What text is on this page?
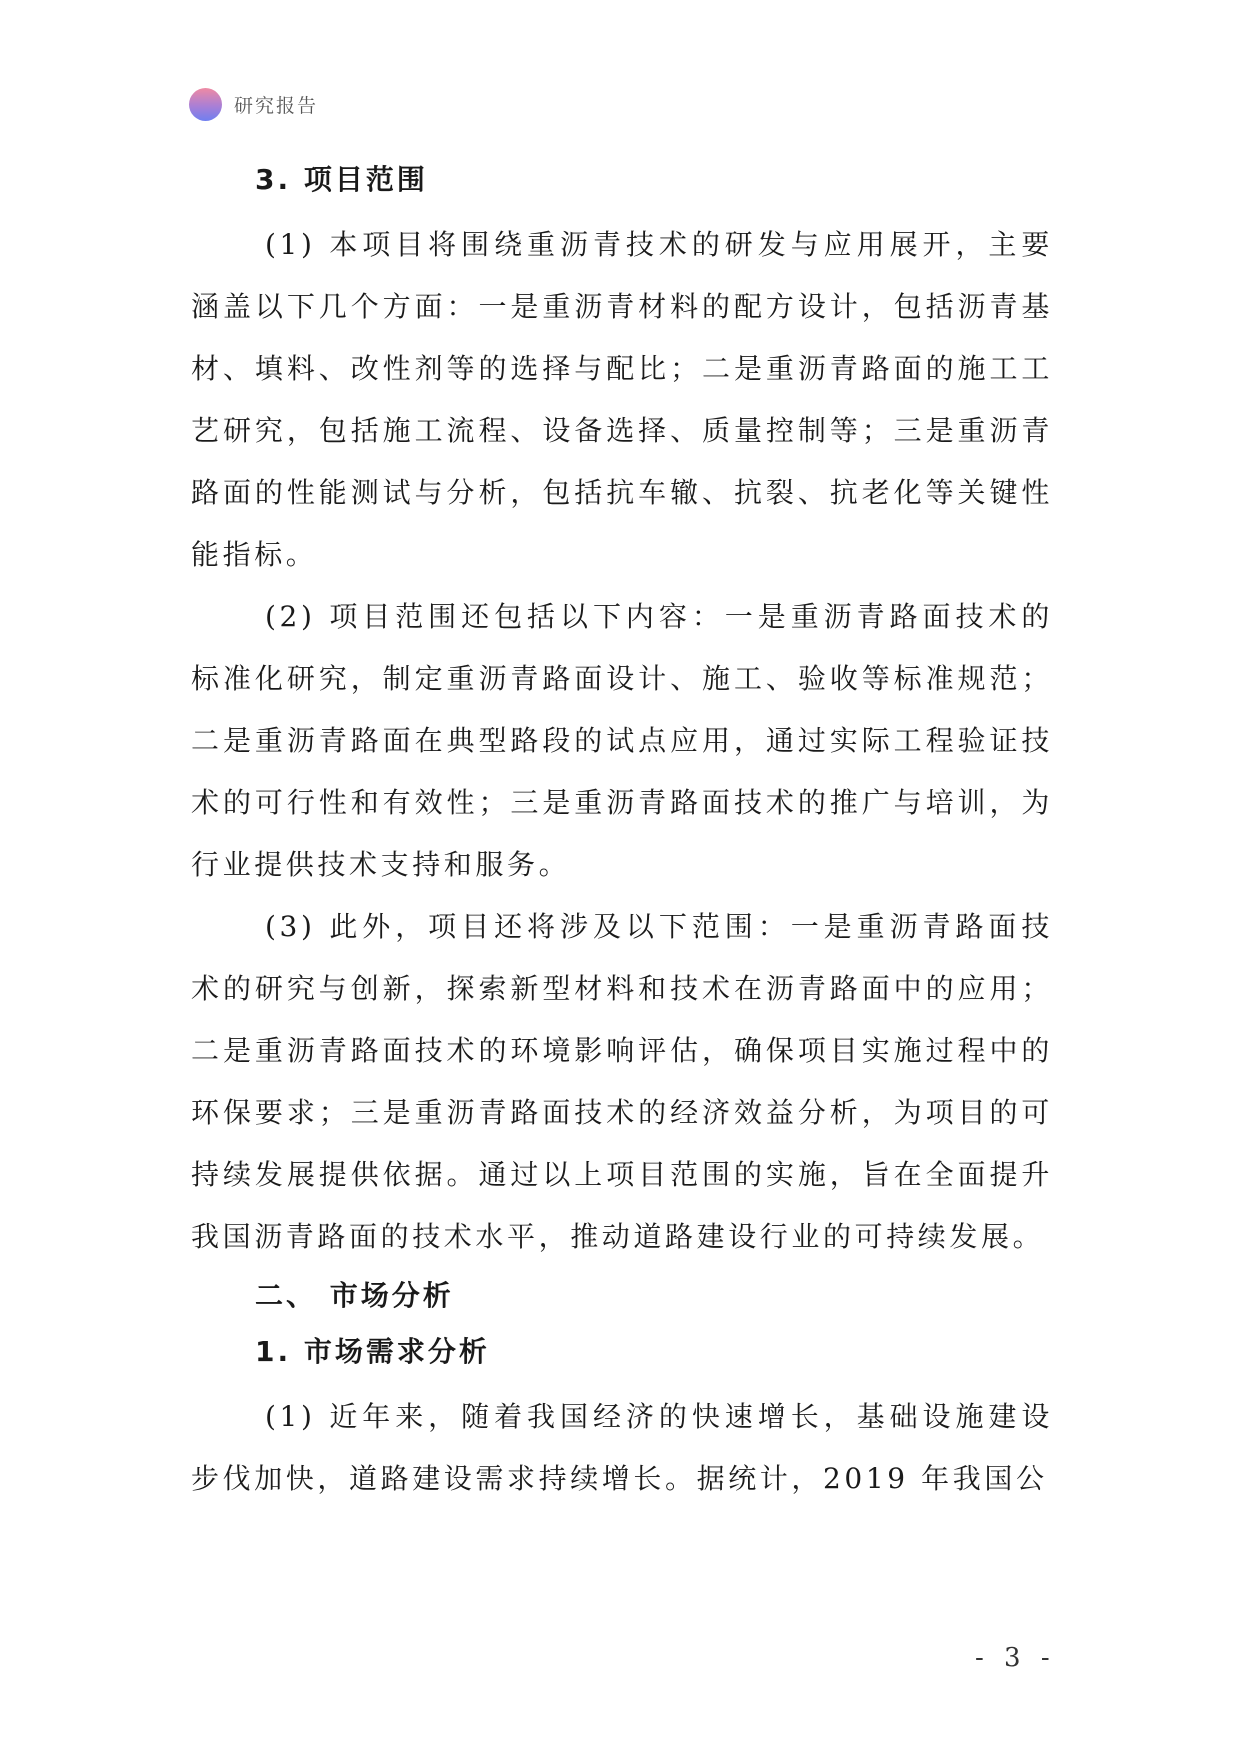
研究报告
3. 项目范围

(1) 本项目将围绕重沥青技术的研发与应用展开，主要涵盖以下几个方面：一是重沥青材料的配方设计，包括沥青基材、填料、改性剂等的选择与配比；二是重沥青路面的施工工艺研究，包括施工流程、设备选择、质量控制等；三是重沥青路面的性能测试与分析，包括抗车辙、抗裂、抗老化等关键性能指标。

(2) 项目范围还包括以下内容：一是重沥青路面技术的标准化研究，制定重沥青路面设计、施工、验收等标准规范；二是重沥青路面在典型路段的试点应用，通过实际工程验证技术的可行性和有效性；三是重沥青路面技术的推广与培训，为行业提供技术支持和服务。

(3) 此外，项目还将涉及以下范围：一是重沥青路面技术的研究与创新，探索新型材料和技术在沥青路面中的应用；二是重沥青路面技术的环境影响评估，确保项目实施过程中的环保要求；三是重沥青路面技术的经济效益分析，为项目的可持续发展提供依据。通过以上项目范围的实施，旨在全面提升我国沥青路面的技术水平，推动道路建设行业的可持续发展。

二、 市场分析
1. 市场需求分析

(1) 近年来，随着我国经济的快速增长，基础设施建设步伐加快，道路建设需求持续增长。据统计，2019 年我国公

- 3 -
